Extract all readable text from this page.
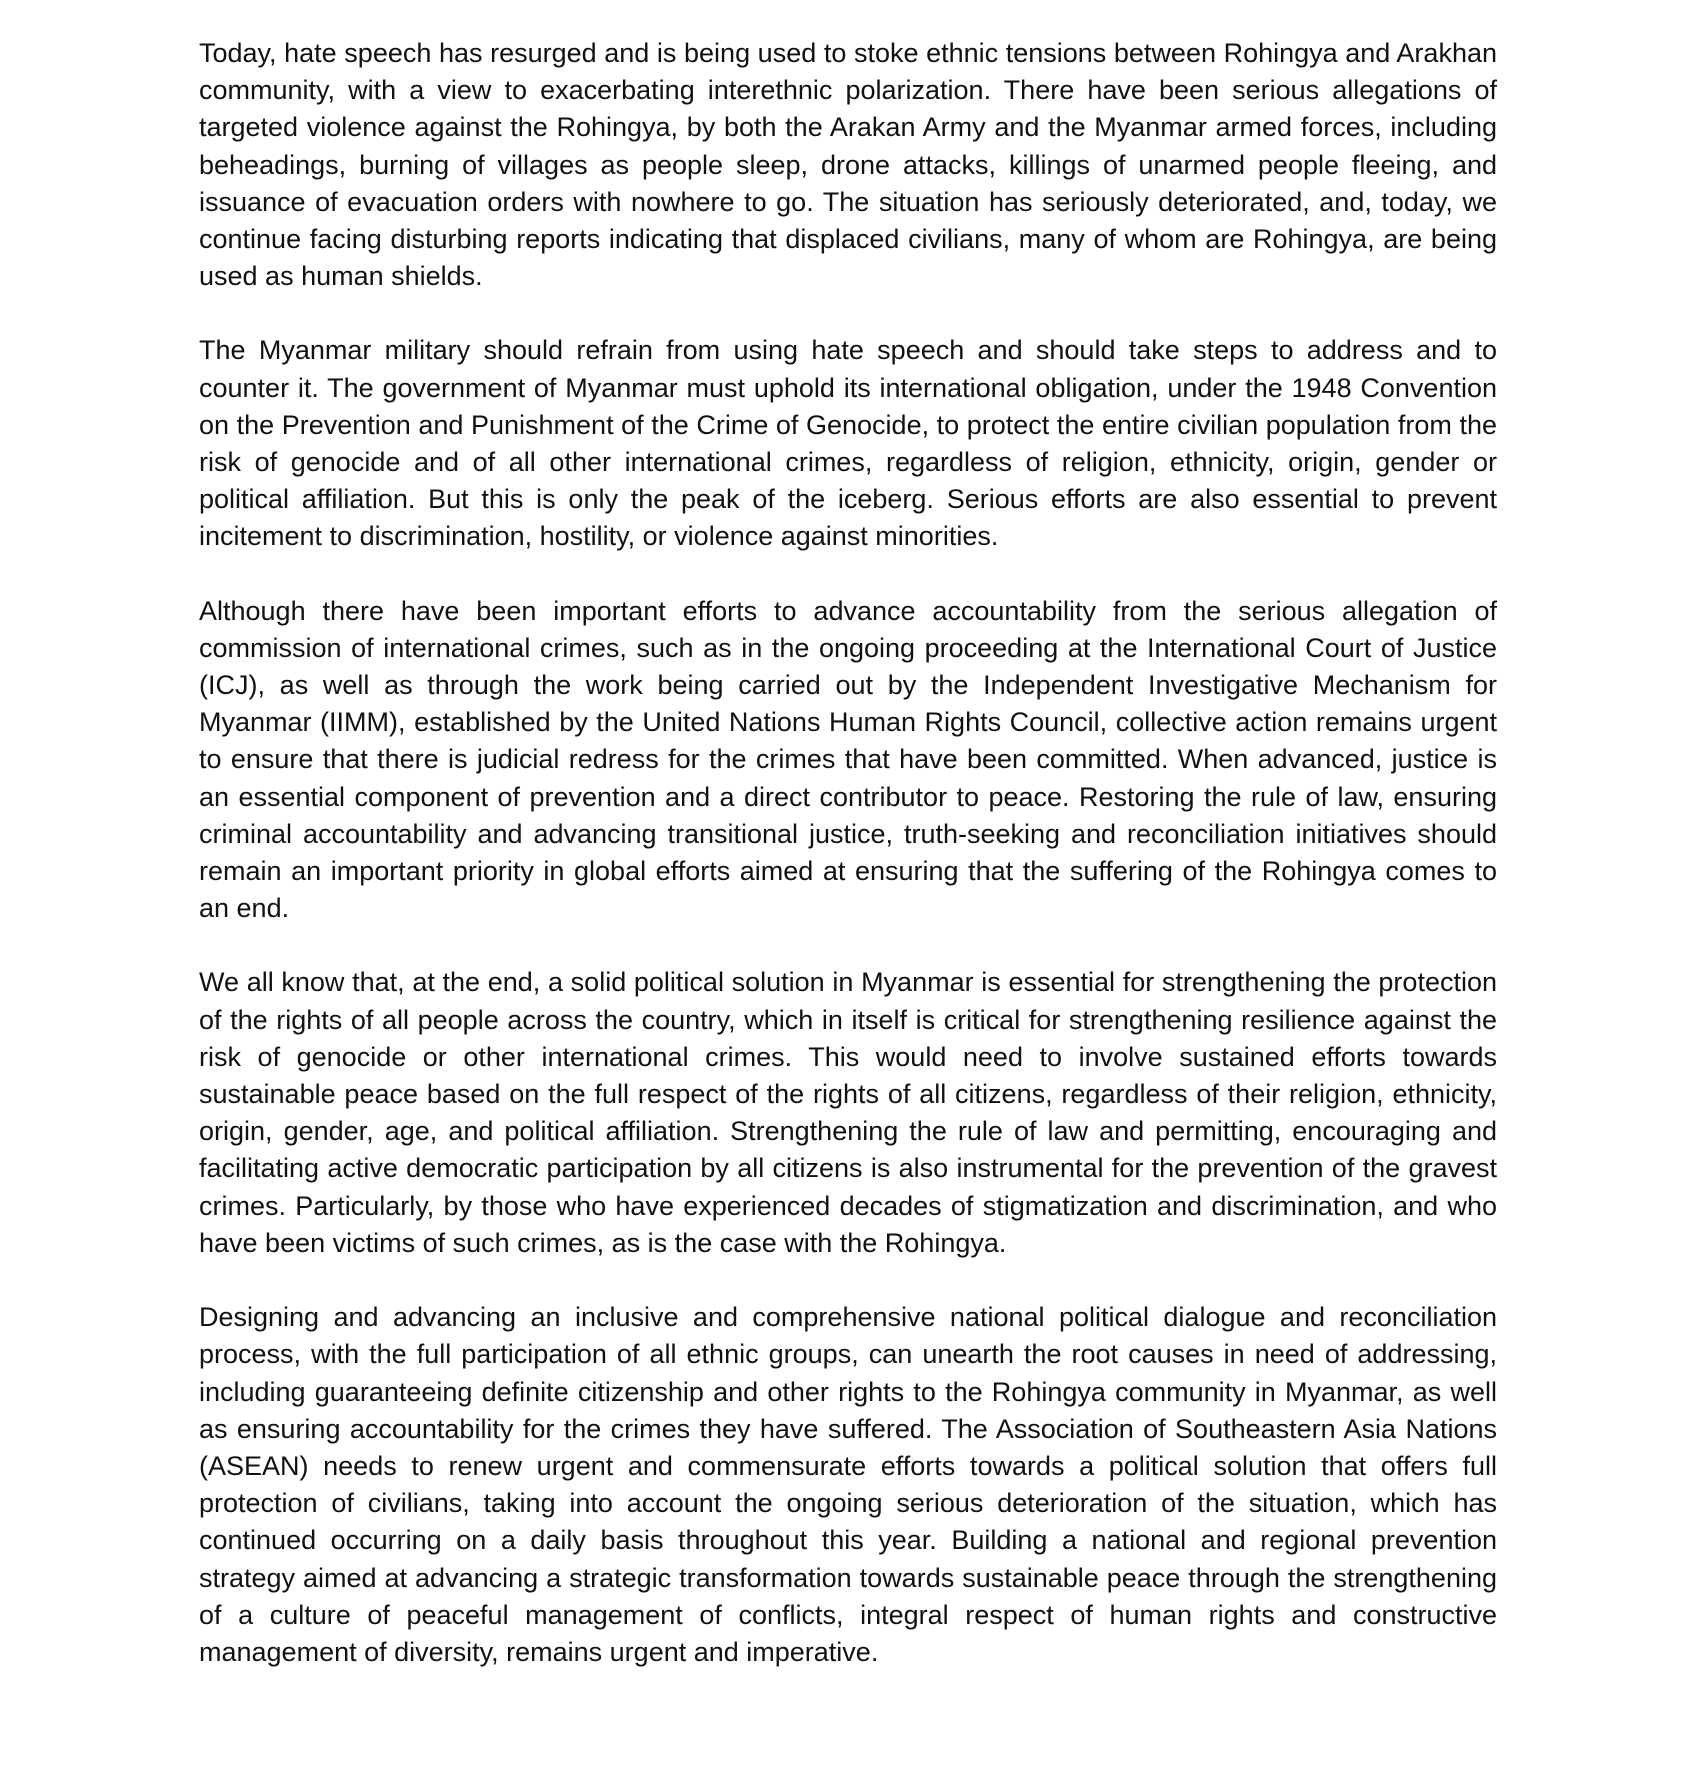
Today, hate speech has resurged and is being used to stoke ethnic tensions between Rohingya and Arakhan community, with a view to exacerbating interethnic polarization. There have been serious allegations of targeted violence against the Rohingya, by both the Arakan Army and the Myanmar armed forces, including beheadings, burning of villages as people sleep, drone attacks, killings of unarmed people fleeing, and issuance of evacuation orders with nowhere to go. The situation has seriously deteriorated, and, today, we continue facing disturbing reports indicating that displaced civilians, many of whom are Rohingya, are being used as human shields.

The Myanmar military should refrain from using hate speech and should take steps to address and to counter it. The government of Myanmar must uphold its international obligation, under the 1948 Convention on the Prevention and Punishment of the Crime of Genocide, to protect the entire civilian population from the risk of genocide and of all other international crimes, regardless of religion, ethnicity, origin, gender or political affiliation. But this is only the peak of the iceberg. Serious efforts are also essential to prevent incitement to discrimination, hostility, or violence against minorities.

Although there have been important efforts to advance accountability from the serious allegation of commission of international crimes, such as in the ongoing proceeding at the International Court of Justice (ICJ), as well as through the work being carried out by the Independent Investigative Mechanism for Myanmar (IIMM), established by the United Nations Human Rights Council, collective action remains urgent to ensure that there is judicial redress for the crimes that have been committed. When advanced, justice is an essential component of prevention and a direct contributor to peace. Restoring the rule of law, ensuring criminal accountability and advancing transitional justice, truth-seeking and reconciliation initiatives should remain an important priority in global efforts aimed at ensuring that the suffering of the Rohingya comes to an end.

We all know that, at the end, a solid political solution in Myanmar is essential for strengthening the protection of the rights of all people across the country, which in itself is critical for strengthening resilience against the risk of genocide or other international crimes. This would need to involve sustained efforts towards sustainable peace based on the full respect of the rights of all citizens, regardless of their religion, ethnicity, origin, gender, age, and political affiliation. Strengthening the rule of law and permitting, encouraging and facilitating active democratic participation by all citizens is also instrumental for the prevention of the gravest crimes. Particularly, by those who have experienced decades of stigmatization and discrimination, and who have been victims of such crimes, as is the case with the Rohingya.

Designing and advancing an inclusive and comprehensive national political dialogue and reconciliation process, with the full participation of all ethnic groups, can unearth the root causes in need of addressing, including guaranteeing definite citizenship and other rights to the Rohingya community in Myanmar, as well as ensuring accountability for the crimes they have suffered. The Association of Southeastern Asia Nations (ASEAN) needs to renew urgent and commensurate efforts towards a political solution that offers full protection of civilians, taking into account the ongoing serious deterioration of the situation, which has continued occurring on a daily basis throughout this year. Building a national and regional prevention strategy aimed at advancing a strategic transformation towards sustainable peace through the strengthening of a culture of peaceful management of conflicts, integral respect of human rights and constructive management of diversity, remains urgent and imperative.
